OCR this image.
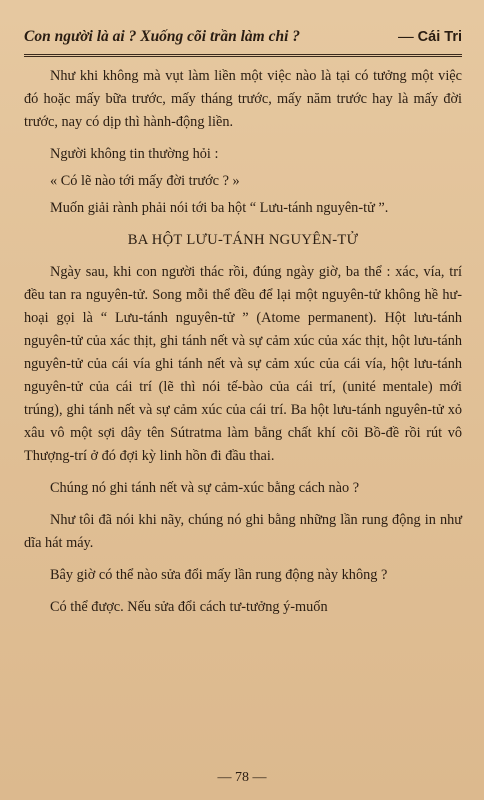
Con người là ai ? Xuống cõi trần làm chi ?	— Cái Tri

Như khi không mà vụt làm liền một việc nào là tại có tưởng một việc đó hoặc mấy bữa trước, mấy tháng trước, mấy năm trước hay là mấy đời trước, nay có dịp thì hành-động liền.

Người không tin thường hỏi :

« Có lẽ nào tới mấy đời trước ? »

Muốn giải rành phải nói tới ba hột “ Lưu-tánh nguyên-tử ”.

BA HỘT LƯU-TÁNH NGUYÊN-TỬ

Ngày sau, khi con người thác rồi, đúng ngày giờ, ba thể : xác, vía, trí đều tan ra nguyên-tử. Song mỗi thể đều để lại một nguyên-tử không hề hư-hoại gọi là “ Lưu-tánh nguyên-tử ” (Atome permanent). Hột lưu-tánh nguyên-tử của xác thịt, ghi tánh nết và sự cảm xúc của xác thịt, hột lưu-tánh nguyên-tử của cái vía ghi tánh nết và sự cảm xúc của cái vía, hột lưu-tánh nguyên-tử của cái trí (lẽ thì nói tế-bào của cái trí, (unité mentale) mới trúng), ghi tánh nết và sự cảm xúc của cái trí. Ba hột lưu-tánh nguyên-tử xỏ xâu vô một sợi dây tên Sútratma làm bằng chất khí cõi Bồ-đề rồi rút vô Thượng-trí ở đó đợi kỳ linh hồn đi đầu thai.

Chúng nó ghi tánh nết và sự cảm-xúc bằng cách nào ?

Như tôi đã nói khi nãy, chúng nó ghi bằng những lần rung động in như dĩa hát máy.

Bây giờ có thể nào sửa đổi mấy lần rung động này không ?

Có thể được. Nếu sửa đổi cách tư-tưởng ý-muốn

— 78 —
